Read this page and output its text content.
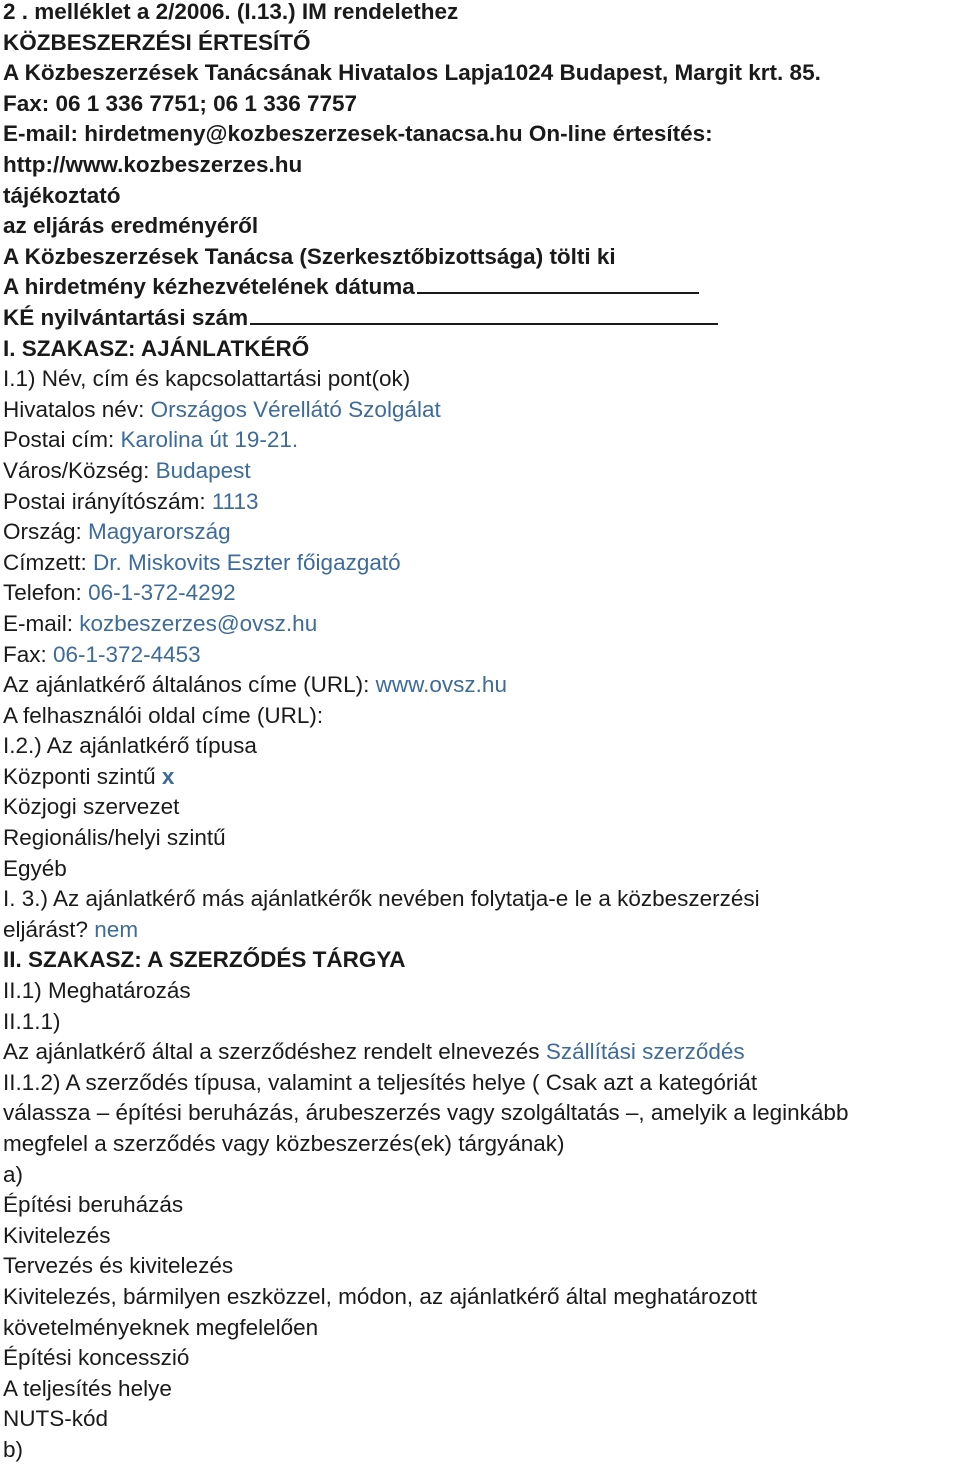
2 . melléklet a 2/2006. (I.13.) IM rendelethez
KÖZBESZERZÉSI ÉRTESÍTŐ
A Közbeszerzések Tanácsának Hivatalos Lapja1024 Budapest, Margit krt. 85.
Fax: 06 1 336 7751; 06 1 336 7757
E-mail: hirdetmeny@kozbeszerzesek-tanacsa.hu On-line értesítés:
http://www.kozbeszerzes.hu
tájékoztató
az eljárás eredményéről
A Közbeszerzések Tanácsa (Szerkesztőbizottsága) tölti ki
A hirdetmény kézhezvételének dátuma
KÉ nyilvántartási szám
I. SZAKASZ: AJÁNLATKÉRŐ
I.1) Név, cím és kapcsolattartási pont(ok)
Hivatalos név: Országos Vérellátó Szolgálat
Postai cím: Karolina út 19-21.
Város/Község: Budapest
Postai irányítószám: 1113
Ország: Magyarország
Címzett: Dr. Miskovits Eszter főigazgató
Telefon: 06-1-372-4292
E-mail: kozbeszerzes@ovsz.hu
Fax: 06-1-372-4453
Az ajánlatkérő általános címe (URL): www.ovsz.hu
A felhasználói oldal címe (URL):
I.2.) Az ajánlatkérő típusa
Központi szintű x
Közjogi szervezet
Regionális/helyi szintű
Egyéb
I. 3.) Az ajánlatkérő más ajánlatkérők nevében folytatja-e le a közbeszerzési
eljárást? nem
II. SZAKASZ: A SZERZŐDÉS TÁRGYA
II.1) Meghatározás
II.1.1)
Az ajánlatkérő által a szerződéshez rendelt elnevezés Szállítási szerződés
II.1.2) A szerződés típusa, valamint a teljesítés helye ( Csak azt a kategóriát
válassza – építési beruházás, árubeszerzés vagy szolgáltatás –, amelyik a leginkább
megfelel a szerződés vagy közbeszerzés(ek) tárgyának)
a)
Építési beruházás
Kivitelezés
Tervezés és kivitelezés
Kivitelezés, bármilyen eszközzel, módon, az ajánlatkérő által meghatározott
követelményeknek megfelelően
Építési koncesszió
A teljesítés helye
NUTS-kód
b)
